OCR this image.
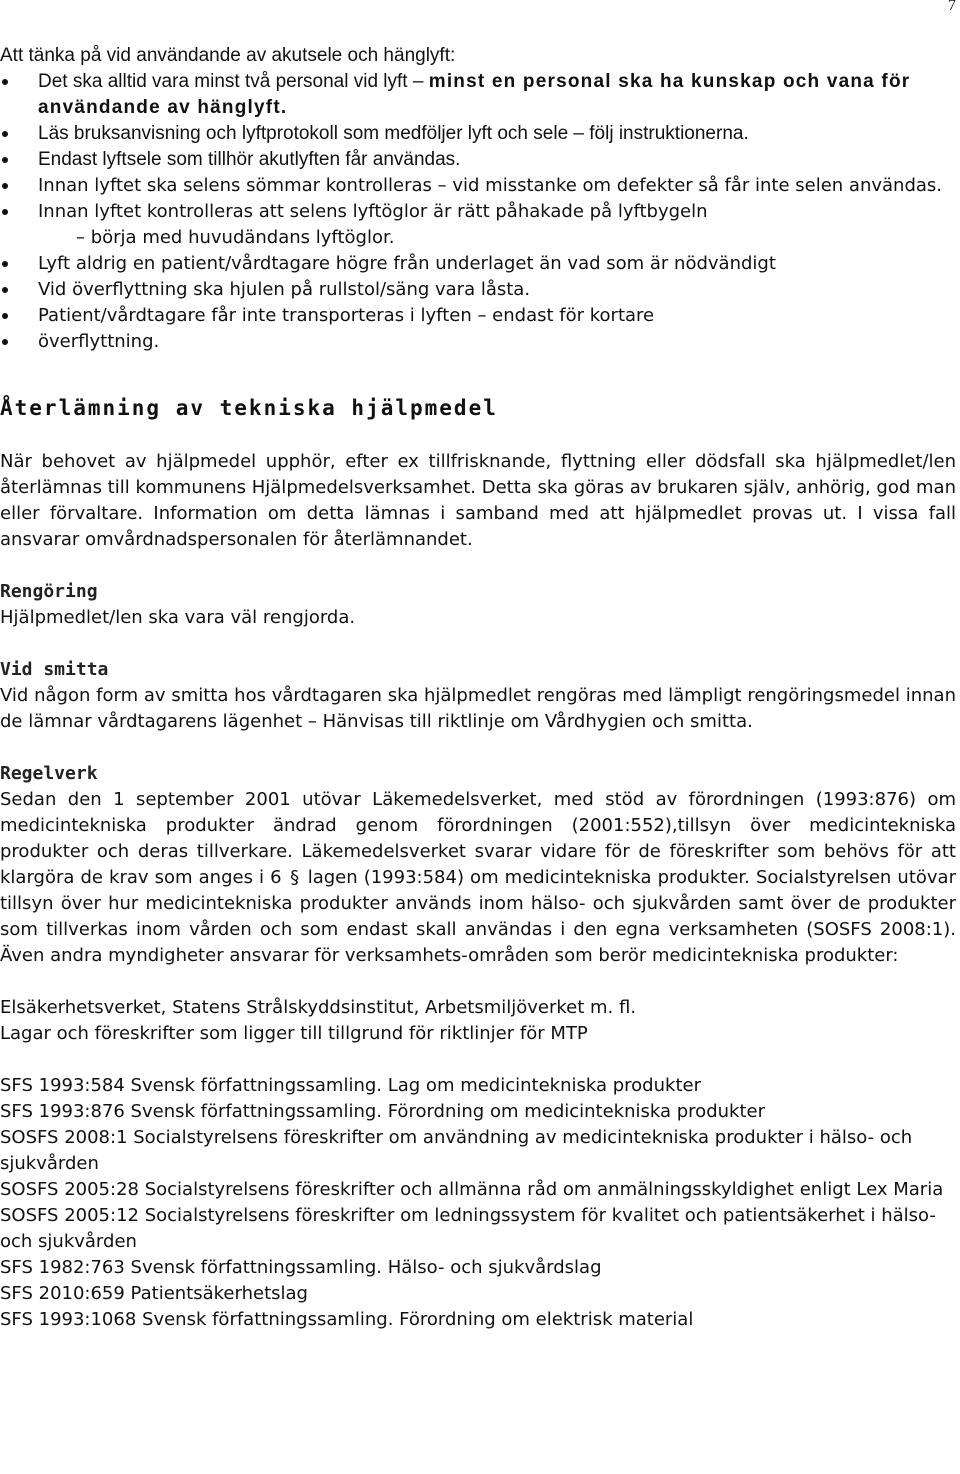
7
Att tänka på vid användande av akutsele och hänglyft:
Det ska alltid vara minst två personal vid lyft – minst en personal ska ha kunskap och vana för användande av hänglyft.
Läs bruksanvisning och lyftprotokoll som medföljer lyft och sele – följ instruktionerna.
Endast lyftsele som tillhör akutlyften får användas.
Innan lyftet ska selens sömmar kontrolleras – vid misstanke om defekter så får inte selen användas.
Innan lyftet kontrolleras att selens lyftöglor är rätt påhakade på lyftbygeln
– börja med huvudändans lyftöglor.
Lyft aldrig en patient/vårdtagare högre från underlaget än vad som är nödvändigt
Vid överflyttning ska hjulen på rullstol/säng vara låsta.
Patient/vårdtagare får inte transporteras i lyften – endast för kortare
överflyttning.
Återlämning av tekniska hjälpmedel

När behovet av hjälpmedel upphör, efter ex tillfrisknande, flyttning eller dödsfall ska hjälpmedlet/len återlämnas till kommunens Hjälpmedelsverksamhet. Detta ska göras av brukaren själv, anhörig, god man eller förvaltare. Information om detta lämnas i samband med att hjälpmedlet provas ut. I vissa fall ansvarar omvårdnadspersonalen för återlämnandet.

Rengöring

Hjälpmedlet/len ska vara väl rengjorda.

Vid smitta

Vid någon form av smitta hos vårdtagaren ska hjälpmedlet rengöras med lämpligt rengöringsmedel innan de lämnar vårdtagarens lägenhet – Hänvisas till riktlinje om Vårdhygien och smitta.

Regelverk

Sedan den 1 september 2001 utövar Läkemedelsverket, med stöd av förordningen (1993:876) om medicintekniska produkter ändrad genom förordningen (2001:552),tillsyn över medicintekniska produkter och deras tillverkare. Läkemedelsverket svarar vidare för de föreskrifter som behövs för att klargöra de krav som anges i 6 § lagen (1993:584) om medicintekniska produkter. Socialstyrelsen utövar tillsyn över hur medicintekniska produkter används inom hälso- och sjukvården samt över de produkter som tillverkas inom vården och som endast skall användas i den egna verksamheten (SOSFS 2008:1). Även andra myndigheter ansvarar för verksamhets-områden som berör medicintekniska produkter:

Elsäkerhetsverket, Statens Strålskyddsinstitut, Arbetsmiljöverket m. fl.
Lagar och föreskrifter som ligger till tillgrund för riktlinjer för MTP
SFS 1993:584 Svensk författningssamling. Lag om medicintekniska produkter
SFS 1993:876 Svensk författningssamling. Förordning om medicintekniska produkter
SOSFS 2008:1 Socialstyrelsens föreskrifter om användning av medicintekniska produkter i hälso- och sjukvården
SOSFS 2005:28 Socialstyrelsens föreskrifter och allmänna råd om anmälningsskyldighet enligt Lex Maria
SOSFS 2005:12 Socialstyrelsens föreskrifter om ledningssystem för kvalitet och patientsäkerhet i hälso- och sjukvården
SFS 1982:763 Svensk författningssamling. Hälso- och sjukvårdslag
SFS 2010:659 Patientsäkerhetslag
SFS 1993:1068 Svensk författningssamling. Förordning om elektrisk material
